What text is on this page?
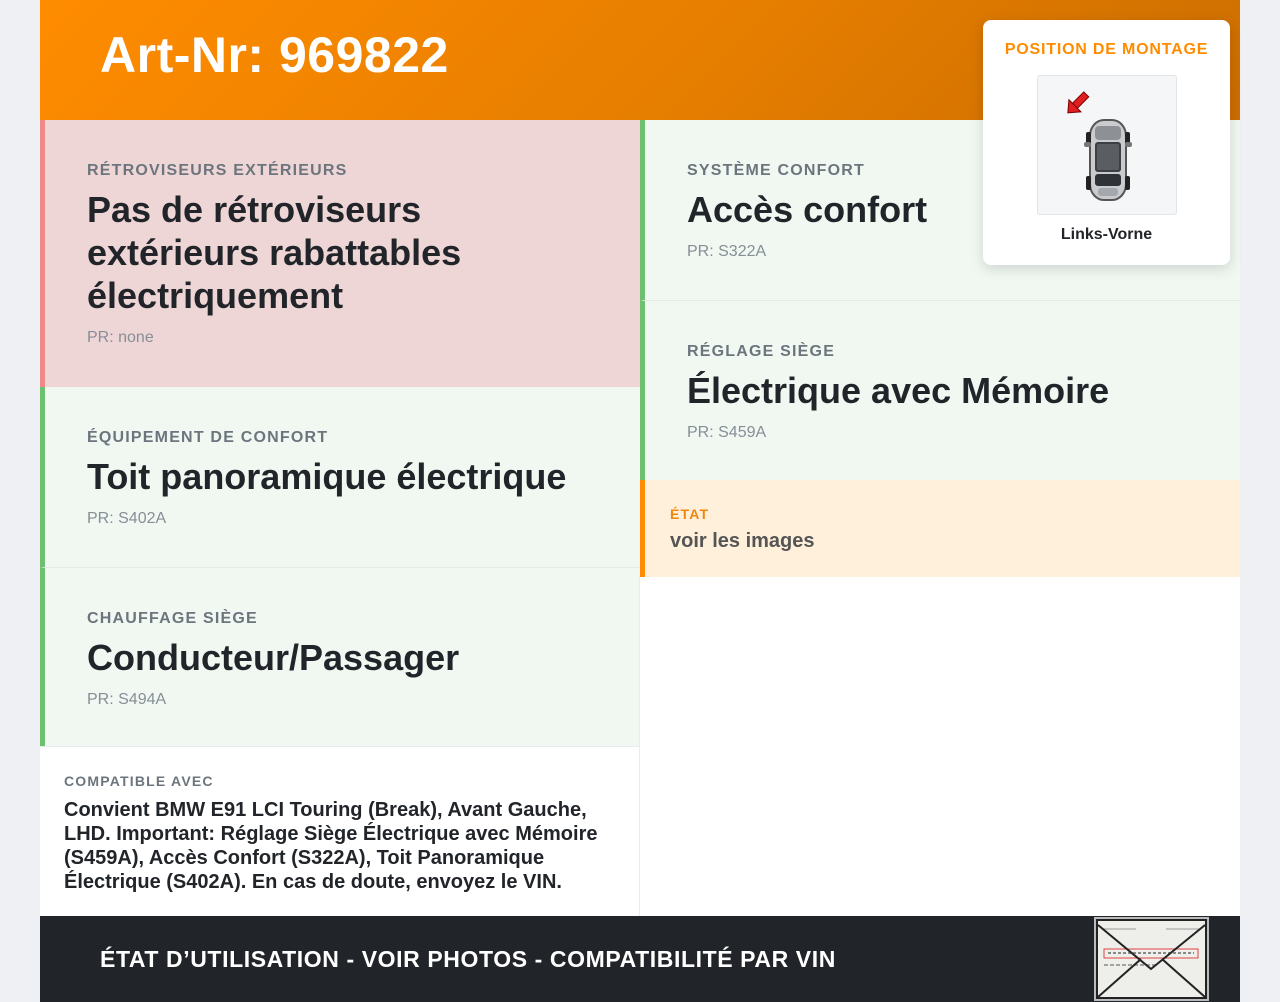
Art-Nr: 969822
RÉTROVISEURS EXTÉRIEURS
Pas de rétroviseurs extérieurs rabattables électriquement
PR: none
ÉQUIPEMENT DE CONFORT
Toit panoramique électrique
PR: S402A
CHAUFFAGE SIÈGE
Conducteur/Passager
PR: S494A
COMPATIBLE AVEC
Convient BMW E91 LCI Touring (Break), Avant Gauche, LHD. Important: Réglage Siège Électrique avec Mémoire (S459A), Accès Confort (S322A), Toit Panoramique Électrique (S402A). En cas de doute, envoyez le VIN.
SYSTÈME CONFORT
Accès confort
PR: S322A
RÉGLAGE SIÈGE
Électrique avec Mémoire
PR: S459A
ÉTAT
voir les images
POSITION DE MONTAGE
Links-Vorne
ÉTAT D’UTILISATION - VOIR PHOTOS - COMPATIBILITÉ PAR VIN
